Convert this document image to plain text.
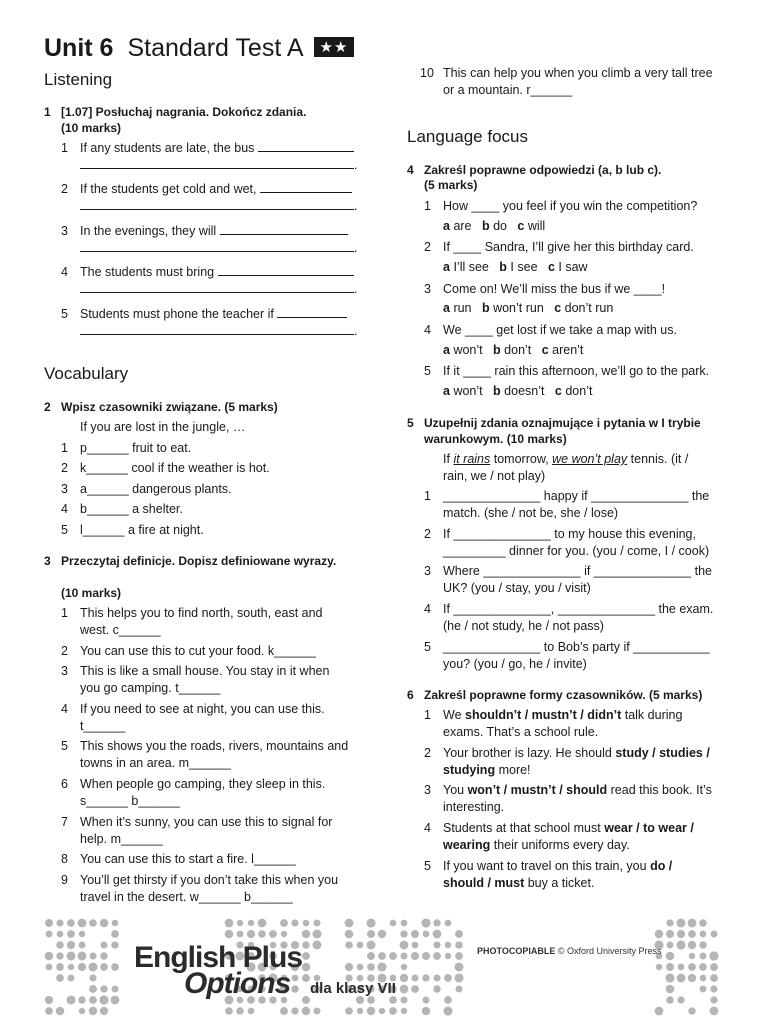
Unit 6 Standard Test A ★★
Listening
1 [1.07] Posłuchaj nagrania. Dokończ zdania.
(10 marks)
1 If any students are late, the bus
.
2 If the students get cold and wet,
.
3 In the evenings, they will
.
4 The students must bring
.
5 Students must phone the teacher if
.
Vocabulary
2 Wpisz czasowniki związane. (5 marks)
If you are lost in the jungle, …
1 p______ fruit to eat.
2 k______ cool if the weather is hot.
3 a______ dangerous plants.
4 b______ a shelter.
5 l______ a fire at night.
3 Przeczytaj definicje. Dopisz definiowane wyrazy.
(10 marks)
1 This helps you to find north, south, east and
west. c______
2 You can use this to cut your food. k______
3 This is like a small house. You stay in it when
you go camping. t______
4 If you need to see at night, you can use this.
t______
5 This shows you the roads, rivers, mountains and
towns in an area. m______
6 When people go camping, they sleep in this.
s______ b______
7 When it’s sunny, you can use this to signal for
help. m______
8 You can use this to start a fire. l______
9 You’ll get thirsty if you don’t take this when you
travel in the desert. w______ b______
10 This can help you when you climb a very tall tree
or a mountain. r______
Language focus
4 Zakreśl poprawne odpowiedzi (a, b lub c).
(5 marks)
1 How ____ you feel if you win the competition?
a are b do c will
2 If ____ Sandra, I’ll give her this birthday card.
a I’ll see b I see c I saw
3 Come on! We’ll miss the bus if we ____!
a run b won’t run c don’t run
4 We ____ get lost if we take a map with us.
a won’t b don’t c aren’t
5 If it ____ rain this afternoon, we’ll go to the park.
a won’t b doesn’t c don’t
5 Uzupełnij zdania oznajmujące i pytania w I trybie
warunkowym. (10 marks)
If it rains tomorrow, we won’t play tennis. (it /
rain, we / not play)
1 ______________ happy if ______________ the
match. (she / not be, she / lose)
2 If ______________ to my house this evening,
_________ dinner for you. (you / come, I / cook)
3 Where ______________ if ______________ the
UK? (you / stay, you / visit)
4 If ______________, ______________ the exam.
(he / not study, he / not pass)
5 ______________ to Bob’s party if ___________
you? (you / go, he / invite)
6 Zakreśl poprawne formy czasowników. (5 marks)
1 We shouldn’t / mustn’t / didn’t talk during
exams. That’s a school rule.
2 Your brother is lazy. He should study / studies /
studying more!
3 You won’t / mustn’t / should read this book. It’s
interesting.
4 Students at that school must wear / to wear /
wearing their uniforms every day.
5 If you want to travel on this train, you do /
should / must buy a ticket.
English Plus
Options dla klasy VII
PHOTOCOPIABLE © Oxford University Press
